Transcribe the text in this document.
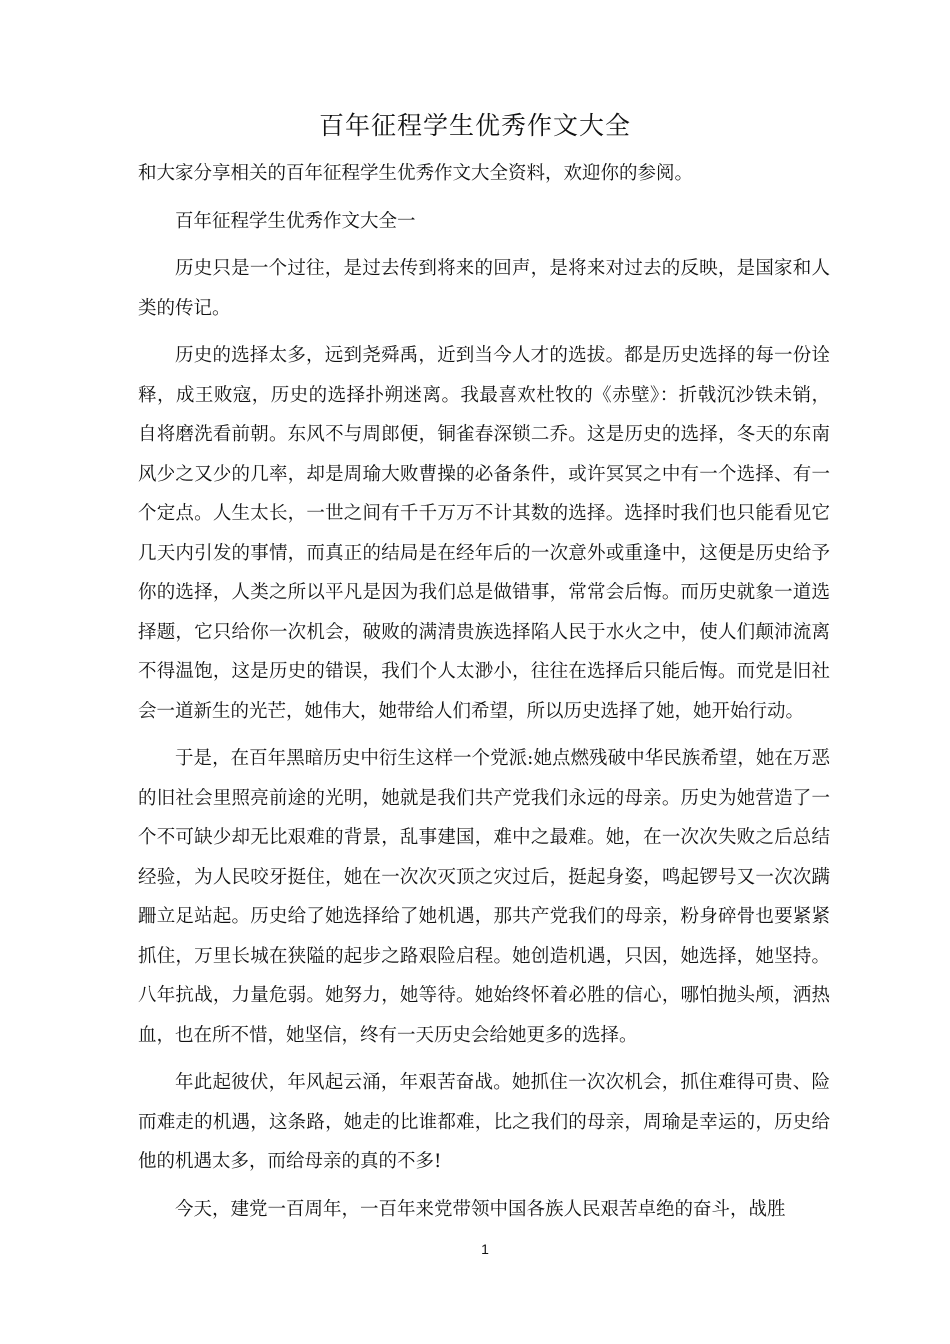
百年征程学生优秀作文大全

和大家分享相关的百年征程学生优秀作文大全资料，欢迎你的参阅。

百年征程学生优秀作文大全一

历史只是一个过往，是过去传到将来的回声，是将来对过去的反映，是国家和人类的传记。

历史的选择太多，远到尧舜禹，近到当今人才的选拔。都是历史选择的每一份诠释，成王败寇，历史的选择扑朔迷离。我最喜欢杜牧的《赤壁》：折戟沉沙铁未销，自将磨洗看前朝。东风不与周郎便，铜雀春深锁二乔。这是历史的选择，冬天的东南风少之又少的几率，却是周瑜大败曹操的必备条件，或许冥冥之中有一个选择、有一个定点。人生太长，一世之间有千千万万不计其数的选择。选择时我们也只能看见它几天内引发的事情，而真正的结局是在经年后的一次意外或重逢中，这便是历史给予你的选择，人类之所以平凡是因为我们总是做错事，常常会后悔。而历史就象一道选择题，它只给你一次机会，破败的满清贵族选择陷人民于水火之中，使人们颠沛流离不得温饱，这是历史的错误，我们个人太渺小，往往在选择后只能后悔。而党是旧社会一道新生的光芒，她伟大，她带给人们希望，所以历史选择了她，她开始行动。

于是，在百年黑暗历史中衍生这样一个党派:她点燃残破中华民族希望，她在万恶的旧社会里照亮前途的光明，她就是我们共产党我们永远的母亲。历史为她营造了一个不可缺少却无比艰难的背景，乱事建国，难中之最难。她，在一次次失败之后总结经验，为人民咬牙挺住，她在一次次灭顶之灾过后，挺起身姿，鸣起锣号又一次次蹒跚立足站起。历史给了她选择给了她机遇，那共产党我们的母亲，粉身碎骨也要紧紧抓住，万里长城在狭隘的起步之路艰险启程。她创造机遇，只因，她选择，她坚持。八年抗战，力量危弱。她努力，她等待。她始终怀着必胜的信心，哪怕抛头颅，洒热血，也在所不惜，她坚信，终有一天历史会给她更多的选择。

年此起彼伏，年风起云涌，年艰苦奋战。她抓住一次次机会，抓住难得可贵、险而难走的机遇，这条路，她走的比谁都难，比之我们的母亲，周瑜是幸运的，历史给他的机遇太多，而给母亲的真的不多!

今天，建党一百周年，一百年来党带领中国各族人民艰苦卓绝的奋斗，战胜

1
